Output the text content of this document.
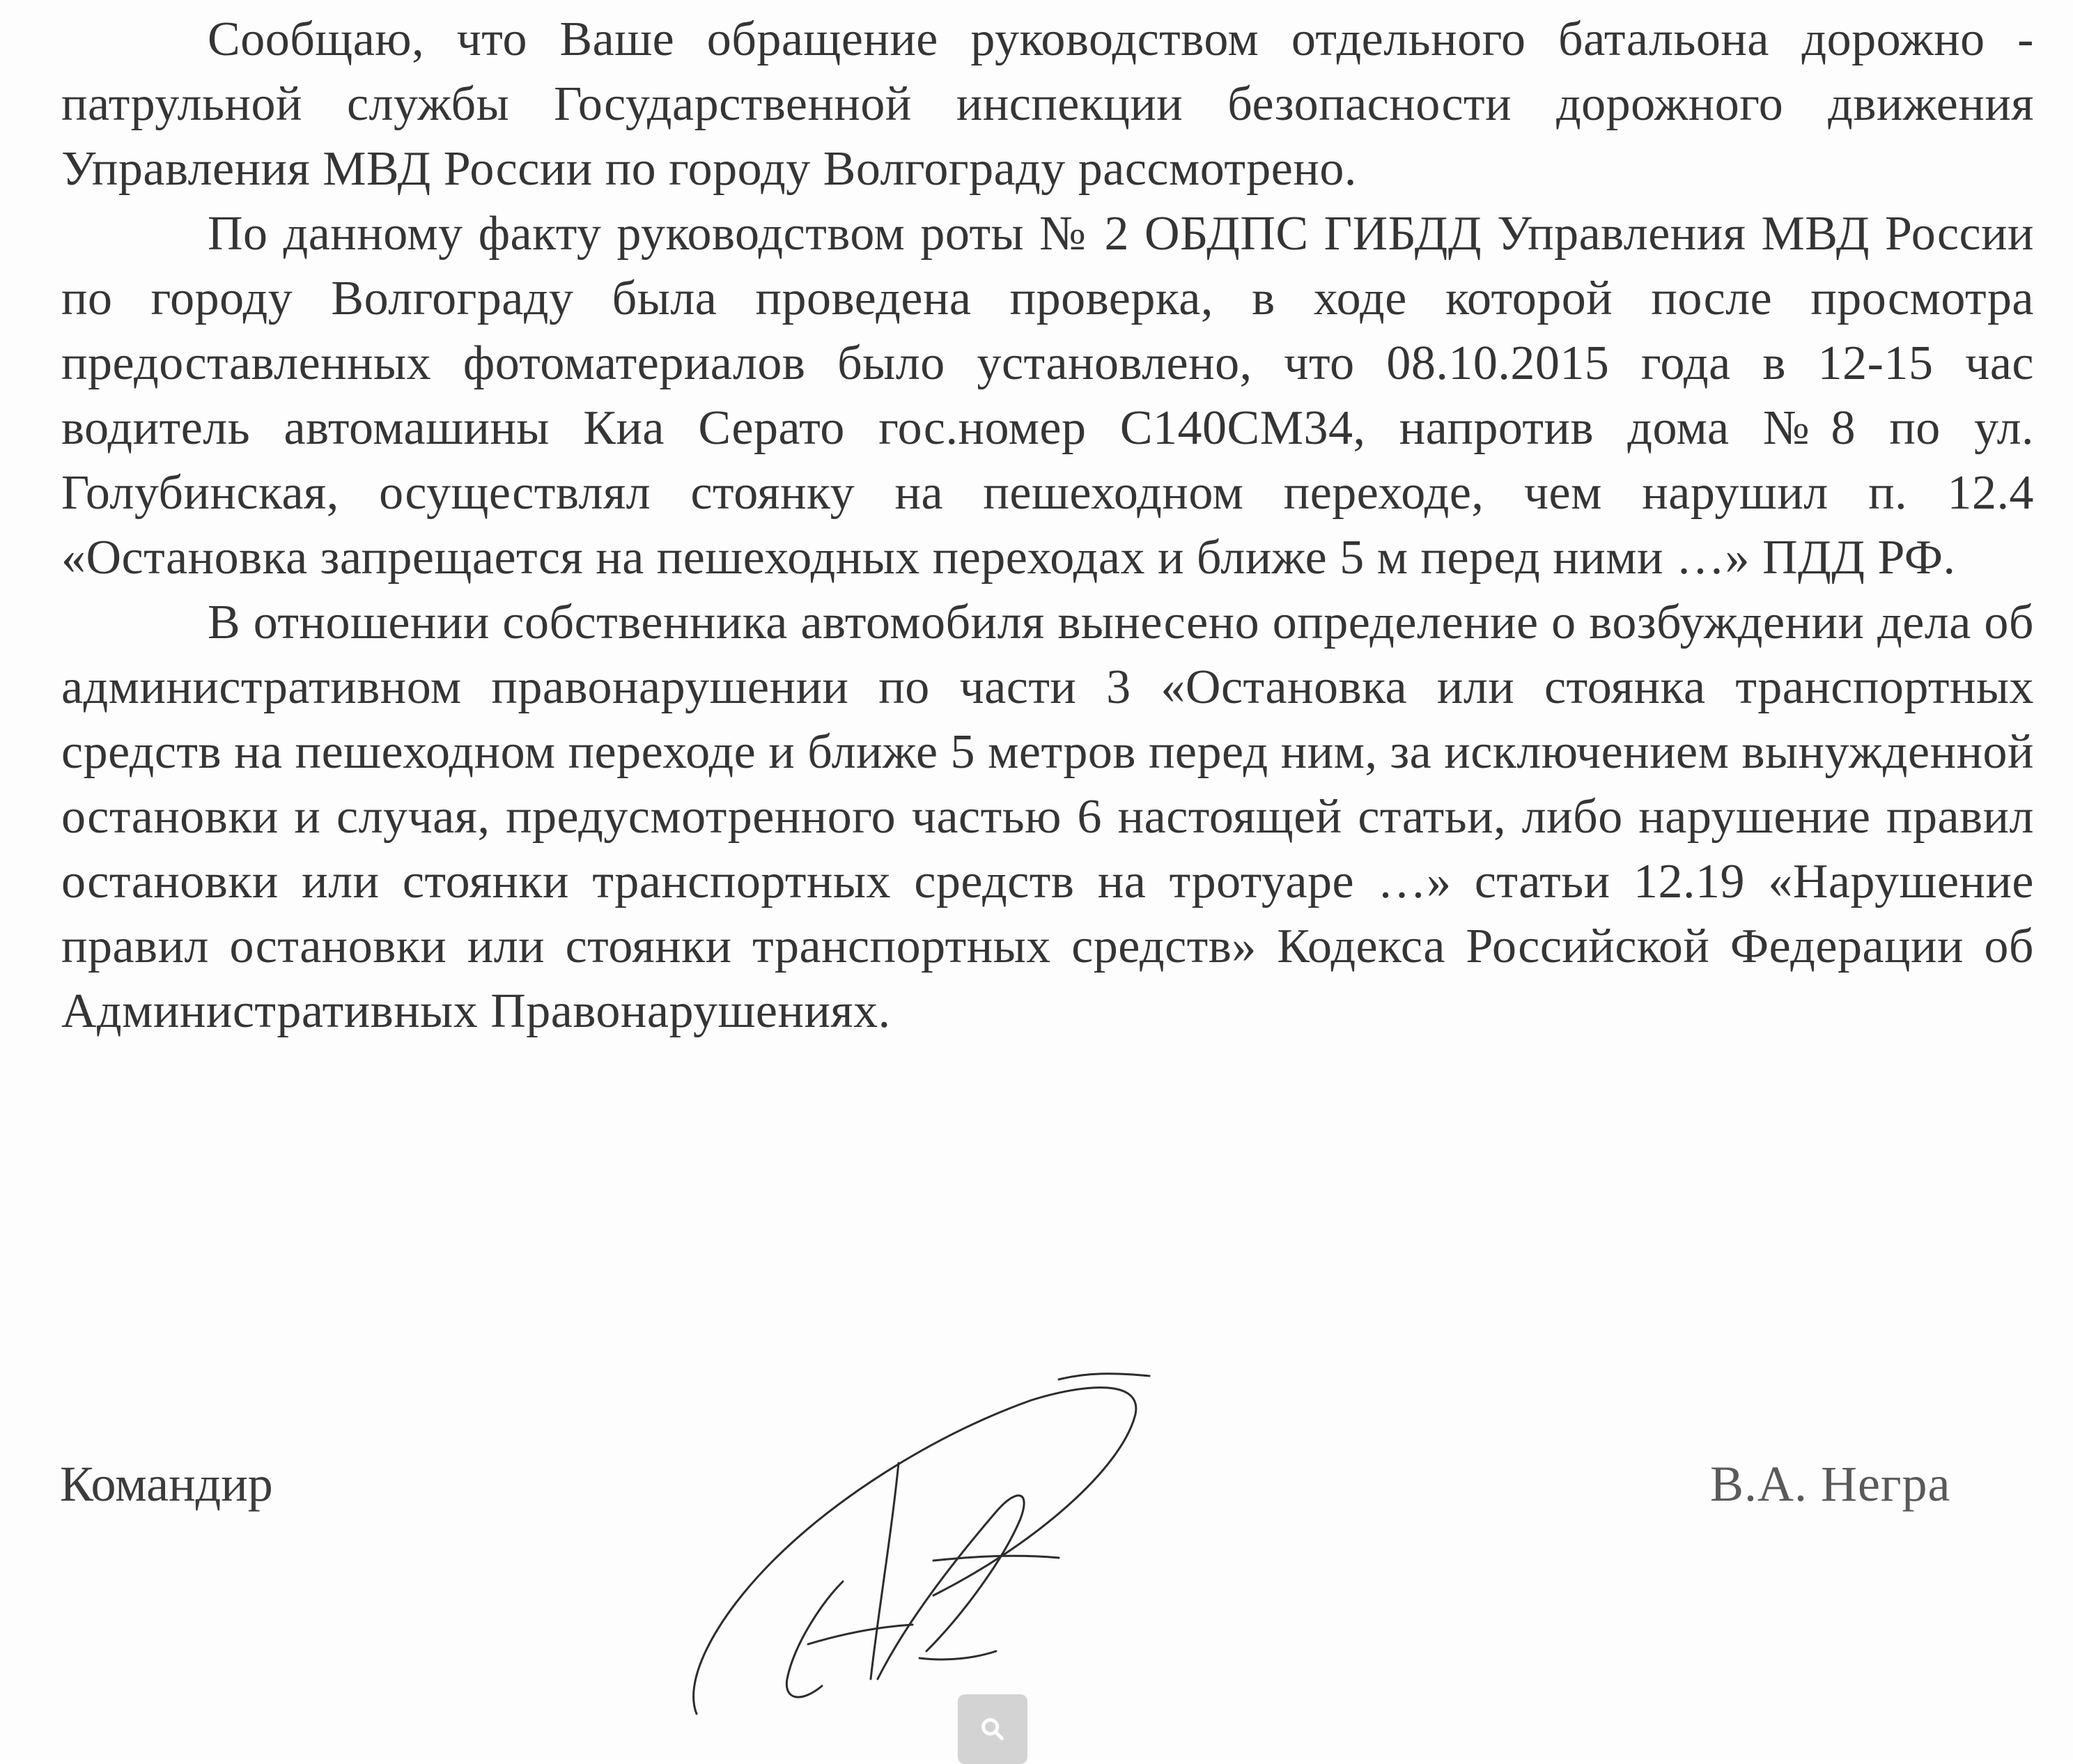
Сообщаю, что Ваше обращение руководством отдельного батальона дорожно - патрульной службы Государственной инспекции безопасности дорожного движения Управления МВД России по городу Волгограду рассмотрено.

По данному факту руководством роты № 2 ОБДПС ГИБДД Управления МВД России по городу Волгограду была проведена проверка, в ходе которой после просмотра предоставленных фотоматериалов было установлено, что 08.10.2015 года в 12-15 час водитель автомашины Киа Серато гос.номер С140СМ34, напротив дома №8 по ул. Голубинская, осуществлял стоянку на пешеходном переходе, чем нарушил п. 12.4 «Остановка запрещается на пешеходных переходах и ближе 5 м перед ними …» ПДД РФ.

В отношении собственника автомобиля вынесено определение о возбуждении дела об административном правонарушении по части 3 «Остановка или стоянка транспортных средств на пешеходном переходе и ближе 5 метров перед ним, за исключением вынужденной остановки и случая, предусмотренного частью 6 настоящей статьи, либо нарушение правил остановки или стоянки транспортных средств на тротуаре …» статьи 12.19 «Нарушение правил остановки или стоянки транспортных средств» Кодекса Российской Федерации об Административных Правонарушениях.

Командир	В.А. Негра
